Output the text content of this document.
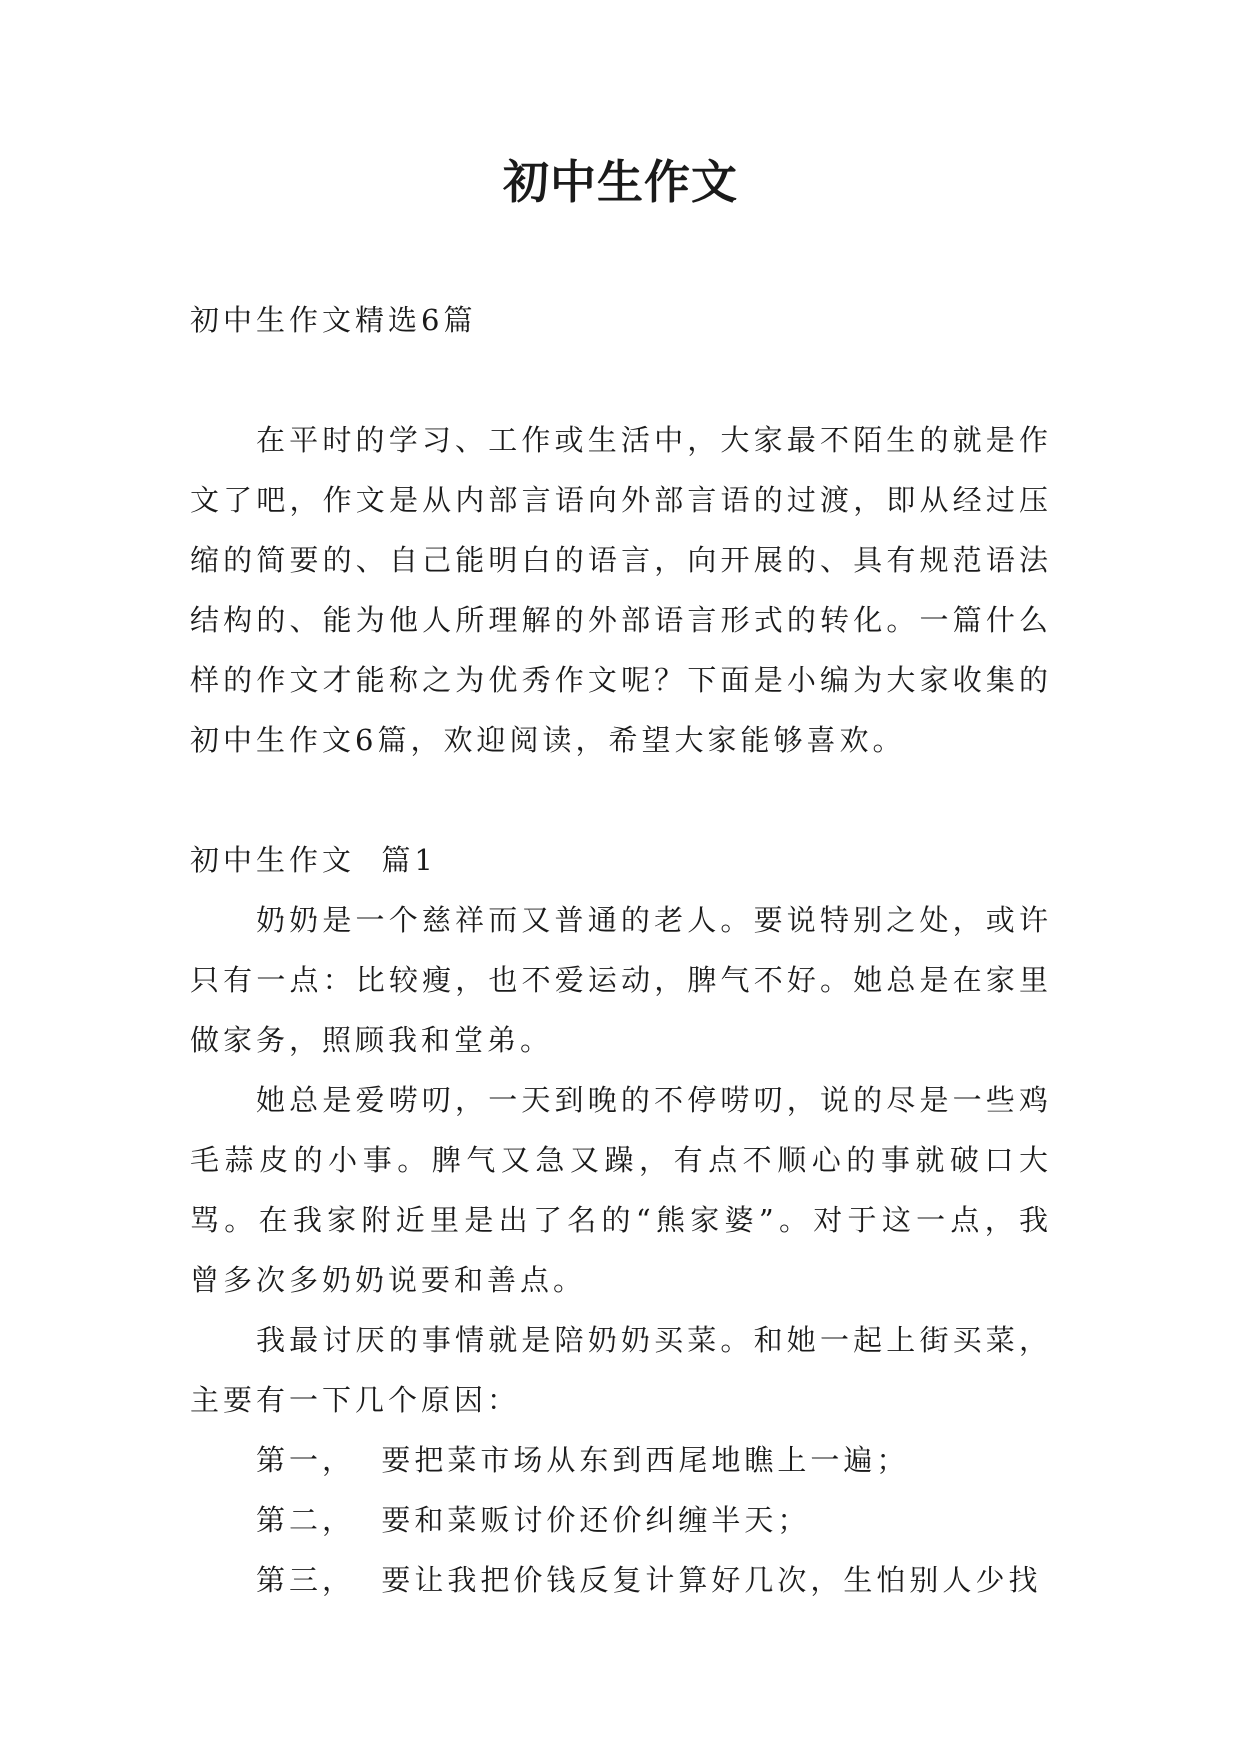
初中生作文

初中生作文精选6篇

在平时的学习、工作或生活中，大家最不陌生的就是作文了吧，作文是从内部言语向外部言语的过渡，即从经过压缩的简要的、自己能明白的语言，向开展的、具有规范语法结构的、能为他人所理解的外部语言形式的转化。一篇什么样的作文才能称之为优秀作文呢？下面是小编为大家收集的初中生作文6篇，欢迎阅读，希望大家能够喜欢。

初中生作文  篇1

奶奶是一个慈祥而又普通的老人。要说特别之处，或许只有一点：比较瘦，也不爱运动，脾气不好。她总是在家里做家务，照顾我和堂弟。

她总是爱唠叨，一天到晚的不停唠叨，说的尽是一些鸡毛蒜皮的小事。脾气又急又躁，有点不顺心的事就破口大骂。在我家附近里是出了名的“熊家婆”。对于这一点，我曾多次多奶奶说要和善点。

我最讨厌的事情就是陪奶奶买菜。和她一起上街买菜，主要有一下几个原因：

第一，  要把菜市场从东到西尾地瞧上一遍；

第二，  要和菜贩讨价还价纠缠半天；

第三，  要让我把价钱反复计算好几次，生怕别人少找
